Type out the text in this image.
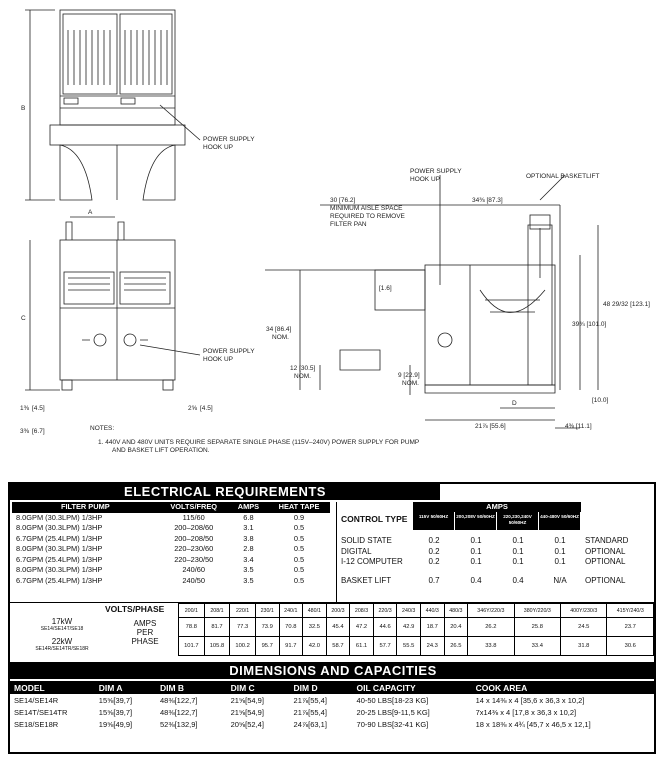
B
A
C
D
POWER SUPPLY
HOOK UP
POWER SUPPLY
HOOK UP
POWER SUPPLY
HOOK UP	OPTIONAL BASKETLIFT
30 [76.2]
MINIMUM AISLE SPACE
REQUIRED TO REMOVE
FILTER PAN
34⅜ [87.3]
[1.6]
34 [86.4]
NOM.
12 [30.5]
NOM.	9 [22.9]
NOM.
48 29/32 [123.1]
39¾ [101.0]
1⅜ [4.5]	2⅝ [4.5]
3⅜ [6.7]
[10.0]
21⅞ [55.6]	4⅜ [11.1]
NOTES:
1. 440V AND 480V UNITS REQUIRE SEPARATE SINGLE PHASE (115V–240V) POWER SUPPLY FOR PUMP
AND BASKET LIFT OPERATION.
ELECTRICAL REQUIREMENTS
FILTER PUMP	VOLTS/FREQ	AMPS	HEAT TAPE
8.0GPM (30.3LPM) 1/3HP	115/60	6.8	0.9
8.0GPM (30.3LPM) 1/3HP	200–208/60	3.1	0.5
6.7GPM (25.4LPM) 1/3HP	200–208/50	3.8	0.5
8.0GPM (30.3LPM) 1/3HP	220–230/60	2.8	0.5
6.7GPM (25.4LPM) 1/3HP	220–230/50	3.4	0.5
8.0GPM (30.3LPM) 1/3HP	240/60	3.5	0.5
6.7GPM (25.4LPM) 1/3HP	240/50	3.5	0.5
CONTROL TYPE
AMPS
115V 50/60HZ	200,208V 50/60HZ	220,230,240V 50/60HZ
440-480V 50/60HZ
SOLID STATE	0.2	0.1	0.1	0.1	STANDARD
DIGITAL	0.2	0.1	0.1	0.1	OPTIONAL
I-12 COMPUTER	0.2	0.1	0.1	0.1	OPTIONAL
BASKET LIFT	0.7	0.4	0.4	N/A	OPTIONAL
VOLTS/PHASE
AMPS
PER
PHASE
17kW
SE14/SE14T/SE18
22kW
SE14R/SE14TR/SE18R
200/1	208/1	220/1	230/1	240/1	480/1	200/3	208/3	220/3	240/3	440/3	480/3	346Y/220/3	380Y/220/3	400Y/230/3	415Y/240/3
78.8	81.7	77.3	73.9	70.8	32.5	45.4	47.2	44.6	42.9	18.7	20.4	26.2	25.8	24.5	23.7
101.7	105.8	100.2	95.7	91.7	42.0	58.7	61.1	57.7	55.5	24.3	26.5	33.8	33.4	31.8	30.6
DIMENSIONS AND CAPACITIES
MODEL	DIM A	DIM B	DIM C	DIM D	OIL CAPACITY	COOK AREA
SE14/SE14R	15⅝[39,7]	48⅜[122,7]	21⅝[54,9]	21⅞[55,4]	40-50 LBS[18-23 KG]	14 x 14⅜ x 4 [35,6 x 36,3 x 10,2]
SE14T/SE14TR	15⅝[39,7]	48⅜[122,7]	21⅝[54,9]	21⅞[55,4]	20-25 LBS[9-11,5 KG]	7x14⅜ x 4 [17,8 x 36,3 x 10,2]
SE18/SE18R	19⅝[49,9]	52⅜[132,9]	20⅝[52,4]	24⅞[63,1]	70-90 LBS[32-41 KG]	18 x 18⅜ x 4¾ [45,7 x 46,5 x 12,1]
